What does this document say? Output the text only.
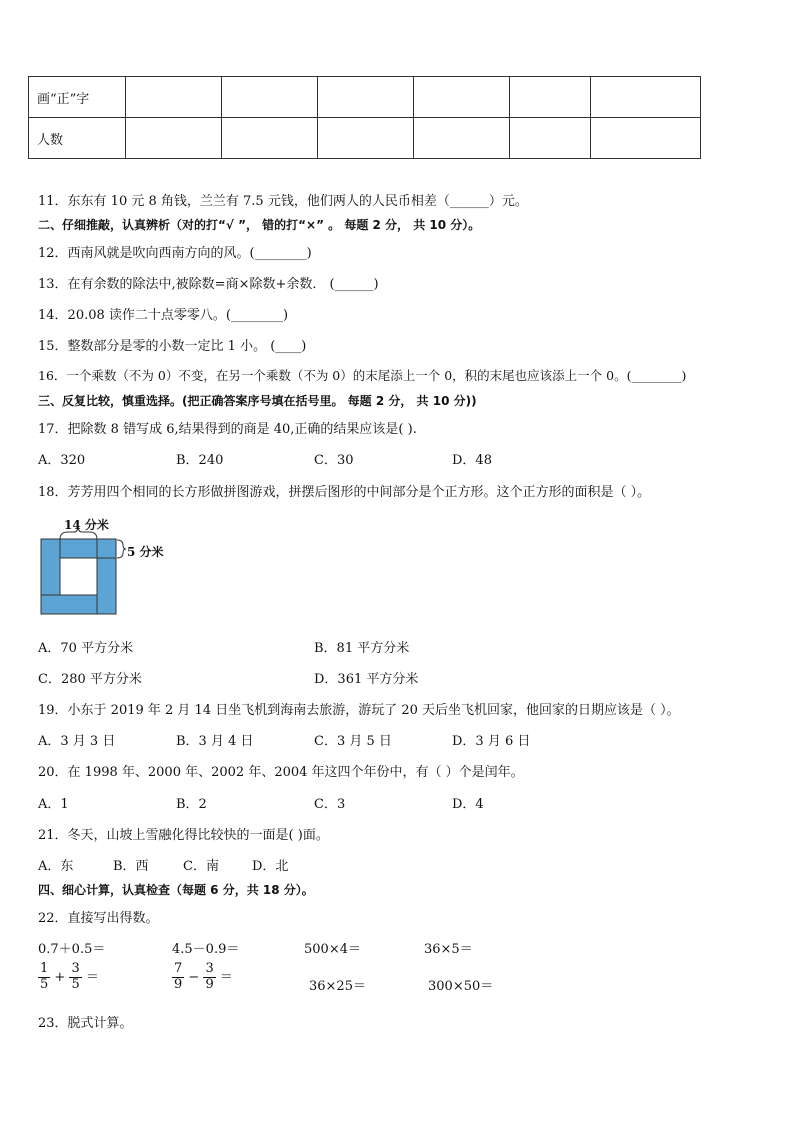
画“正”字						
人数						
11．东东有 10 元 8 角钱，兰兰有 7.5 元钱，他们两人的人民币相差（______）元。
二、仔细推敲，认真辨析（对的打“√ ”， 错的打“×” 。 每题 2 分， 共 10 分）。
12．西南风就是吹向西南方向的风。(________)
13．在有余数的除法中,被除数=商×除数+余数． (______)
14．20.08 读作二十点零零八。(________)
15．整数部分是零的小数一定比 1 小。 (____)
16．一个乘数（不为 0）不变，在另一个乘数（不为 0）的末尾添上一个 0，积的末尾也应该添上一个 0。(________)
三、反复比较，慎重选择。(把正确答案序号填在括号里。 每题 2 分， 共 10 分))
17．把除数 8 错写成 6,结果得到的商是 40,正确的结果应该是( ).
A．320	B．240	C．30	D．48
18．芳芳用四个相同的长方形做拼图游戏，拼摆后图形的中间部分是个正方形。这个正方形的面积是（ ）。
14 分米
5 分米
A．70 平方分米	B．81 平方分米
C．280 平方分米	D．361 平方分米
19．小东于 2019 年 2 月 14 日坐飞机到海南去旅游，游玩了 20 天后坐飞机回家，他回家的日期应该是（ ）。
A．3 月 3 日	B．3 月 4 日	C．3 月 5 日	D．3 月 6 日
20．在 1998 年、2000 年、2002 年、2004 年这四个年份中，有（ ）个是闰年。
A．1	B．2	C．3	D．4
21．冬天，山坡上雪融化得比较快的一面是( )面。
A．东	B．西	C．南	D．北
四、细心计算，认真检查（每题 6 分，共 18 分）。
22．直接写出得数。
0.7＋0.5＝	4.5－0.9＝	500×4＝	36×5＝
$\frac{1}{5} + \frac{3}{5}$ ＝	$\frac{7}{9} - \frac{3}{9}$ ＝
36×25＝	300×50＝
23．脱式计算。
